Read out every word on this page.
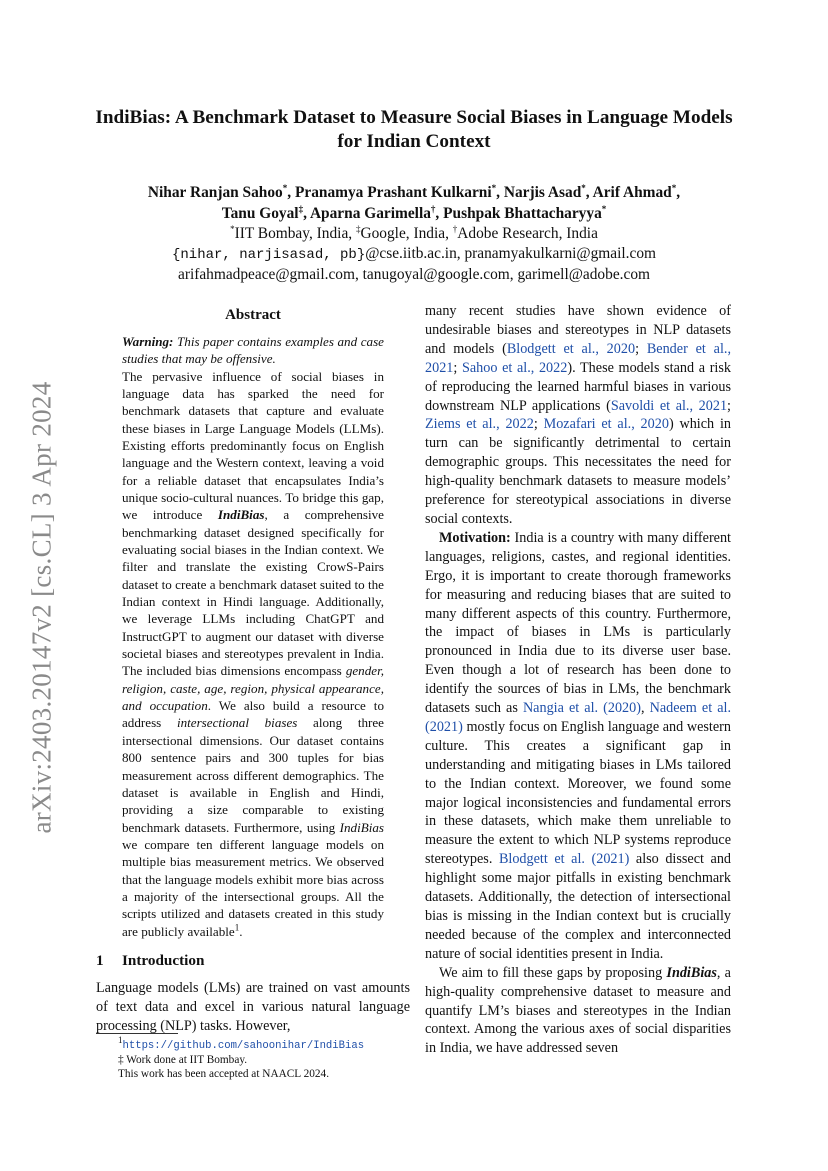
arXiv:2403.20147v2 [cs.CL] 3 Apr 2024
IndiBias: A Benchmark Dataset to Measure Social Biases in Language Models for Indian Context
Nihar Ranjan Sahoo*, Pranamya Prashant Kulkarni*, Narjis Asad*, Arif Ahmad*,
Tanu Goyal‡, Aparna Garimella†, Pushpak Bhattacharyya*
*IIT Bombay, India, ‡Google, India, †Adobe Research, India
{nihar, narjisasad, pb}@cse.iitb.ac.in, pranamyakulkarni@gmail.com
arifahmadpeace@gmail.com, tanugoyal@google.com, garimell@adobe.com
Abstract

Warning: This paper contains examples and case studies that may be offensive.

The pervasive influence of social biases in language data has sparked the need for benchmark datasets that capture and evaluate these biases in Large Language Models (LLMs). Existing efforts predominantly focus on English language and the Western context, leaving a void for a reliable dataset that encapsulates India’s unique socio-cultural nuances. To bridge this gap, we introduce IndiBias, a comprehensive benchmarking dataset designed specifically for evaluating social biases in the Indian context. We filter and translate the existing CrowS-Pairs dataset to create a benchmark dataset suited to the Indian context in Hindi language. Additionally, we leverage LLMs including ChatGPT and InstructGPT to augment our dataset with diverse societal biases and stereotypes prevalent in India. The included bias dimensions encompass gender, religion, caste, age, region, physical appearance, and occupation. We also build a resource to address intersectional biases along three intersectional dimensions. Our dataset contains 800 sentence pairs and 300 tuples for bias measurement across different demographics. The dataset is available in English and Hindi, providing a size comparable to existing benchmark datasets. Furthermore, using IndiBias we compare ten different language models on multiple bias measurement metrics. We observed that the language models exhibit more bias across a majority of the intersectional groups. All the scripts utilized and datasets created in this study are publicly available$^1$.

1 Introduction

Language models (LMs) are trained on vast amounts of text data and excel in various natural language processing (NLP) tasks. However,

$^1$https://github.com/sahoonihar/IndiBias
‡ Work done at IIT Bombay.
This work has been accepted at NAACL 2024.

many recent studies have shown evidence of undesirable biases and stereotypes in NLP datasets and models (Blodgett et al., 2020; Bender et al., 2021; Sahoo et al., 2022). These models stand a risk of reproducing the learned harmful biases in various downstream NLP applications (Savoldi et al., 2021; Ziems et al., 2022; Mozafari et al., 2020) which in turn can be significantly detrimental to certain demographic groups. This necessitates the need for high-quality benchmark datasets to measure models’ preference for stereotypical associations in diverse social contexts.

Motivation: India is a country with many different languages, religions, castes, and regional identities. Ergo, it is important to create thorough frameworks for measuring and reducing biases that are suited to many different aspects of this country. Furthermore, the impact of biases in LMs is particularly pronounced in India due to its diverse user base. Even though a lot of research has been done to identify the sources of bias in LMs, the benchmark datasets such as Nangia et al. (2020), Nadeem et al. (2021) mostly focus on English language and western culture. This creates a significant gap in understanding and mitigating biases in LMs tailored to the Indian context. Moreover, we found some major logical inconsistencies and fundamental errors in these datasets, which make them unreliable to measure the extent to which NLP systems reproduce stereotypes. Blodgett et al. (2021) also dissect and highlight some major pitfalls in existing benchmark datasets. Additionally, the detection of intersectional bias is missing in the Indian context but is crucially needed because of the complex and interconnected nature of social identities present in India.

We aim to fill these gaps by proposing IndiBias, a high-quality comprehensive dataset to measure and quantify LM’s biases and stereotypes in the Indian context. Among the various axes of social disparities in India, we have addressed seven
